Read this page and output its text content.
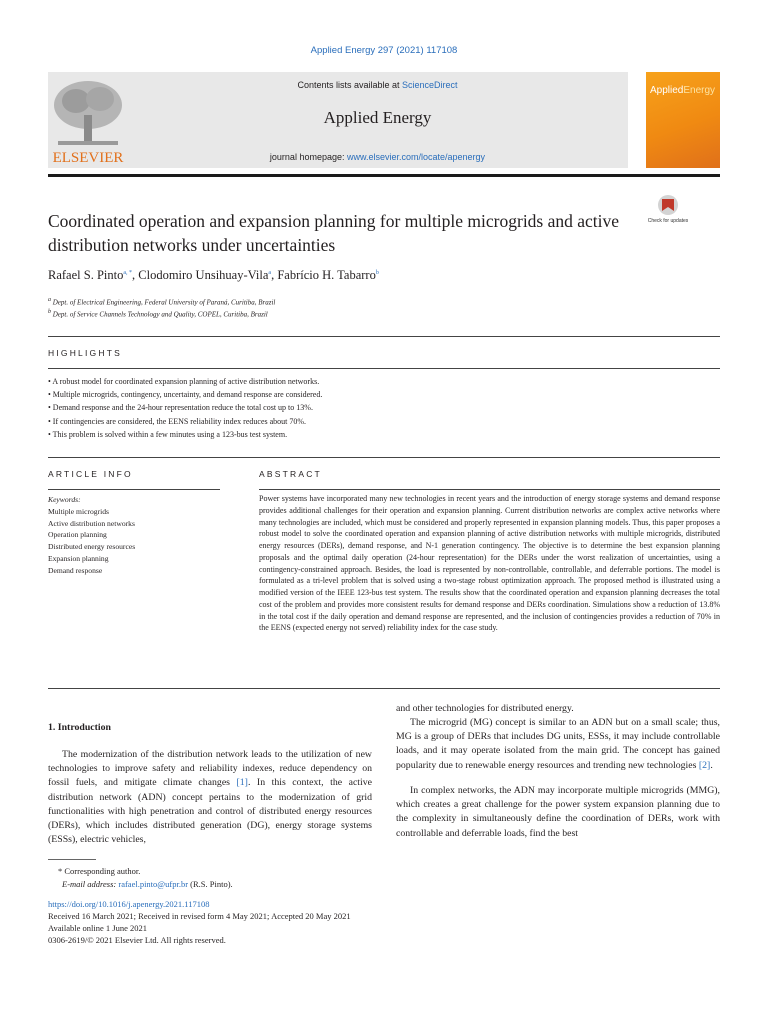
Applied Energy 297 (2021) 117108
ELSEVIER
Contents lists available at ScienceDirect
Applied Energy
journal homepage: www.elsevier.com/locate/apenergy
AppliedEnergy
Coordinated operation and expansion planning for multiple microgrids and active distribution networks under uncertainties
Check for updates
Rafael S. Pinto$^{a, *}$, Clodomiro Unsihuay-Vila$^a$, Fabrício H. Tabarro$^b$
$^a$ Dept. of Electrical Engineering, Federal University of Paraná, Curitiba, Brazil
$^b$ Dept. of Service Channels Technology and Quality, COPEL, Curitiba, Brazil
HIGHLIGHTS
• A robust model for coordinated expansion planning of active distribution networks.
• Multiple microgrids, contingency, uncertainty, and demand response are considered.
• Demand response and the 24-hour representation reduce the total cost up to 13%.
• If contingencies are considered, the EENS reliability index reduces about 70%.
• This problem is solved within a few minutes using a 123-bus test system.
ARTICLE INFO	ABSTRACT
Keywords:
Multiple microgrids
Active distribution networks
Operation planning
Distributed energy resources
Expansion planning
Demand response
Power systems have incorporated many new technologies in recent years and the introduction of energy storage systems and demand response provides additional challenges for their operation and expansion planning. Current distribution networks are complex active networks where many technologies are included, which must be considered and properly represented in expansion planning models. Thus, this paper proposes a robust model to solve the coordinated operation and expansion planning of active distribution networks with multiple microgrids, distributed energy resources (DERs), demand response, and N-1 generation contingency. The objective is to determine the best expansion planning proposals and the optimal daily operation (24-hour representation) for the DERs under the worst realization of uncertainties, using a contingency-constrained approach. Besides, the load is represented by non-controllable, controllable, and deferrable portions. The model is formulated as a tri-level problem that is solved using a two-stage robust optimization approach. The proposed method is illustrated using a modified version of the IEEE 123-bus test system. The results show that the coordinated operation and expansion planning decreases the total cost of the problem and provides more consistent results for demand response and DERs coordination. Simulations show a reduction of 13.8% in the total cost if the daily operation and demand response are represented, and the inclusion of contingencies provides a reduction of 70% in the EENS (expected energy not served) reliability index for the case study.
1. Introduction
The modernization of the distribution network leads to the utilization of new technologies to improve safety and reliability indexes, reduce dependency on fossil fuels, and mitigate climate changes [1]. In this context, the active distribution network (ADN) concept pertains to the modernization of grid functionalities with high penetration and control of distributed energy resources (DERs), which includes distributed generation (DG), energy storage systems (ESSs), electric vehicles,
and other technologies for distributed energy.
The microgrid (MG) concept is similar to an ADN but on a small scale; thus, MG is a group of DERs that includes DG units, ESSs, it may include controllable loads, and it may operate isolated from the main grid. The concept has gained popularity due to renewable energy resources and trending new technologies [2].
In complex networks, the ADN may incorporate multiple microgrids (MMG), which creates a great challenge for the power system expansion planning due to the complexity in simultaneously define the coordination of DERs, work with controllable and deferrable loads, find the best
* Corresponding author.
E-mail address: rafael.pinto@ufpr.br (R.S. Pinto).
https://doi.org/10.1016/j.apenergy.2021.117108
Received 16 March 2021; Received in revised form 4 May 2021; Accepted 20 May 2021
Available online 1 June 2021
0306-2619/© 2021 Elsevier Ltd. All rights reserved.
